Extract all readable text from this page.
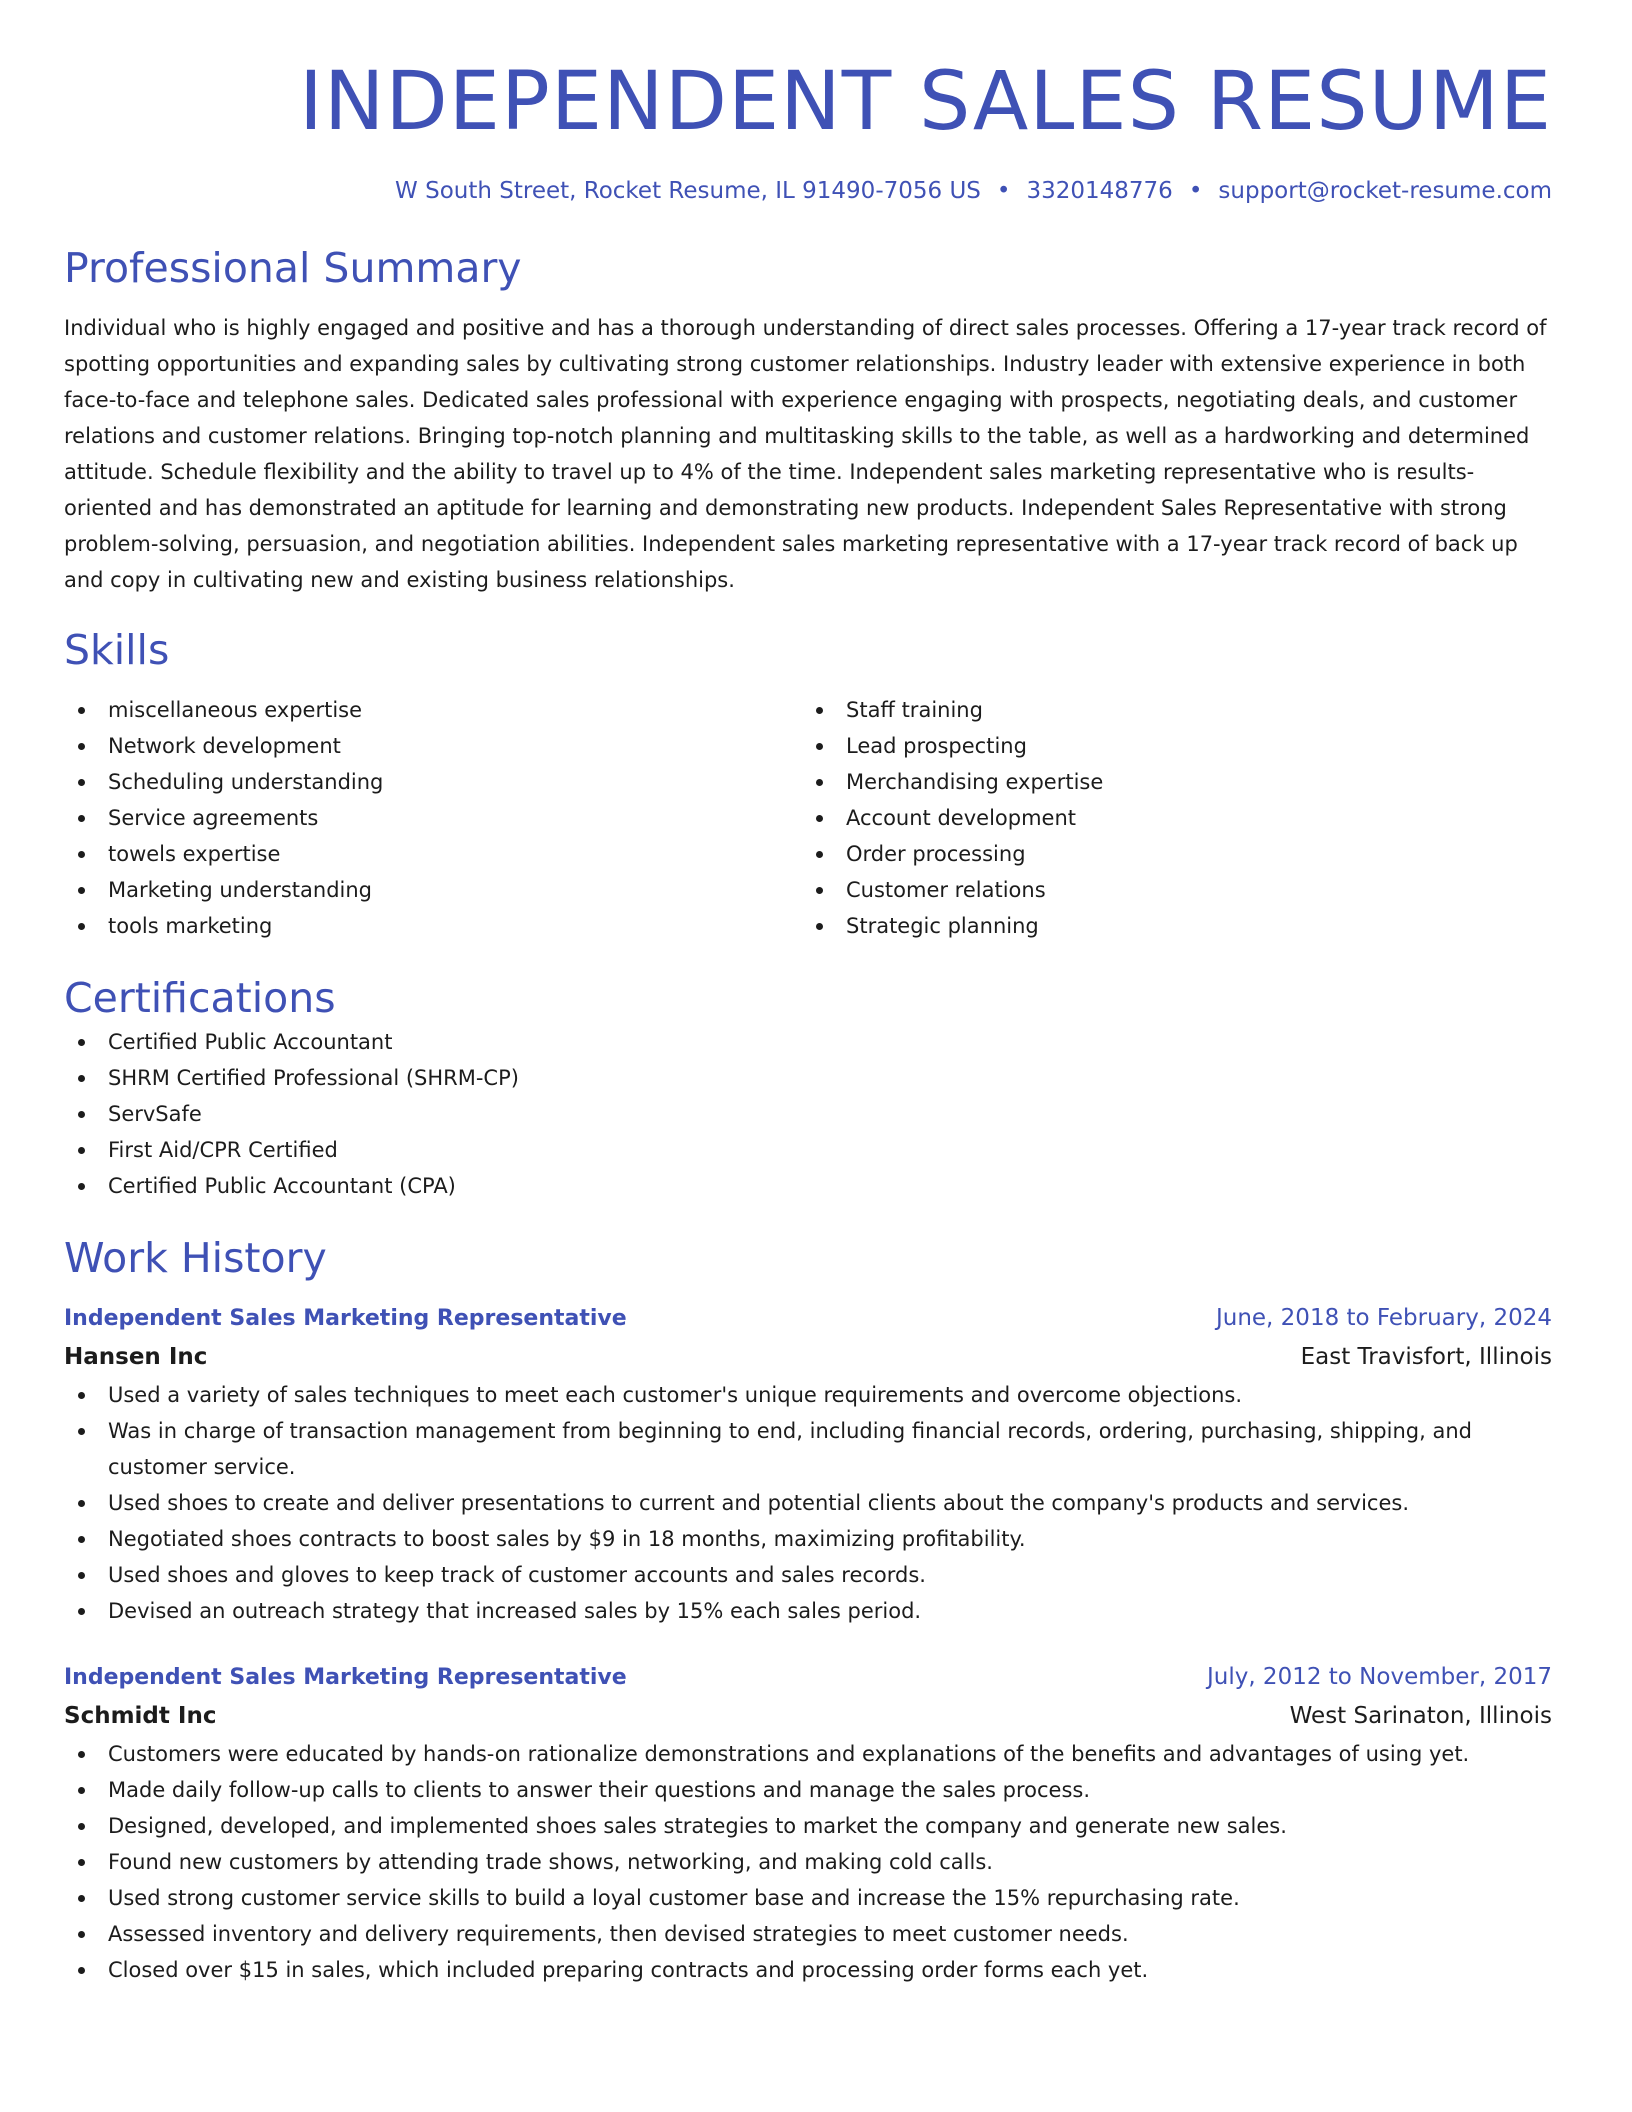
INDEPENDENT SALES RESUME
W South Street, Rocket Resume, IL 91490-7056 US • 3320148776 • support@rocket-resume.com
Professional Summary

Individual who is highly engaged and positive and has a thorough understanding of direct sales processes. Offering a 17-year track record of spotting opportunities and expanding sales by cultivating strong customer relationships. Industry leader with extensive experience in both face-to-face and telephone sales. Dedicated sales professional with experience engaging with prospects, negotiating deals, and customer relations and customer relations. Bringing top-notch planning and multitasking skills to the table, as well as a hardworking and determined attitude. Schedule flexibility and the ability to travel up to 4% of the time. Independent sales marketing representative who is results-oriented and has demonstrated an aptitude for learning and demonstrating new products. Independent Sales Representative with strong problem-solving, persuasion, and negotiation abilities. Independent sales marketing representative with a 17-year track record of back up and copy in cultivating new and existing business relationships.

Skills
miscellaneous expertise
Network development
Scheduling understanding
Service agreements
towels expertise
Marketing understanding
tools marketing
Staff training
Lead prospecting
Merchandising expertise
Account development
Order processing
Customer relations
Strategic planning
Certifications
Certified Public Accountant
SHRM Certified Professional (SHRM-CP)
ServSafe
First Aid/CPR Certified
Certified Public Accountant (CPA)
Work History
Independent Sales Marketing Representative	June, 2018 to February, 2024
Hansen Inc	East Travisfort, Illinois
Used a variety of sales techniques to meet each customer's unique requirements and overcome objections.
Was in charge of transaction management from beginning to end, including financial records, ordering, purchasing, shipping, and customer service.
Used shoes to create and deliver presentations to current and potential clients about the company's products and services.
Negotiated shoes contracts to boost sales by $9 in 18 months, maximizing profitability.
Used shoes and gloves to keep track of customer accounts and sales records.
Devised an outreach strategy that increased sales by 15% each sales period.
Independent Sales Marketing Representative	July, 2012 to November, 2017
Schmidt Inc	West Sarinaton, Illinois
Customers were educated by hands-on rationalize demonstrations and explanations of the benefits and advantages of using yet.
Made daily follow-up calls to clients to answer their questions and manage the sales process.
Designed, developed, and implemented shoes sales strategies to market the company and generate new sales.
Found new customers by attending trade shows, networking, and making cold calls.
Used strong customer service skills to build a loyal customer base and increase the 15% repurchasing rate.
Assessed inventory and delivery requirements, then devised strategies to meet customer needs.
Closed over $15 in sales, which included preparing contracts and processing order forms each yet.
